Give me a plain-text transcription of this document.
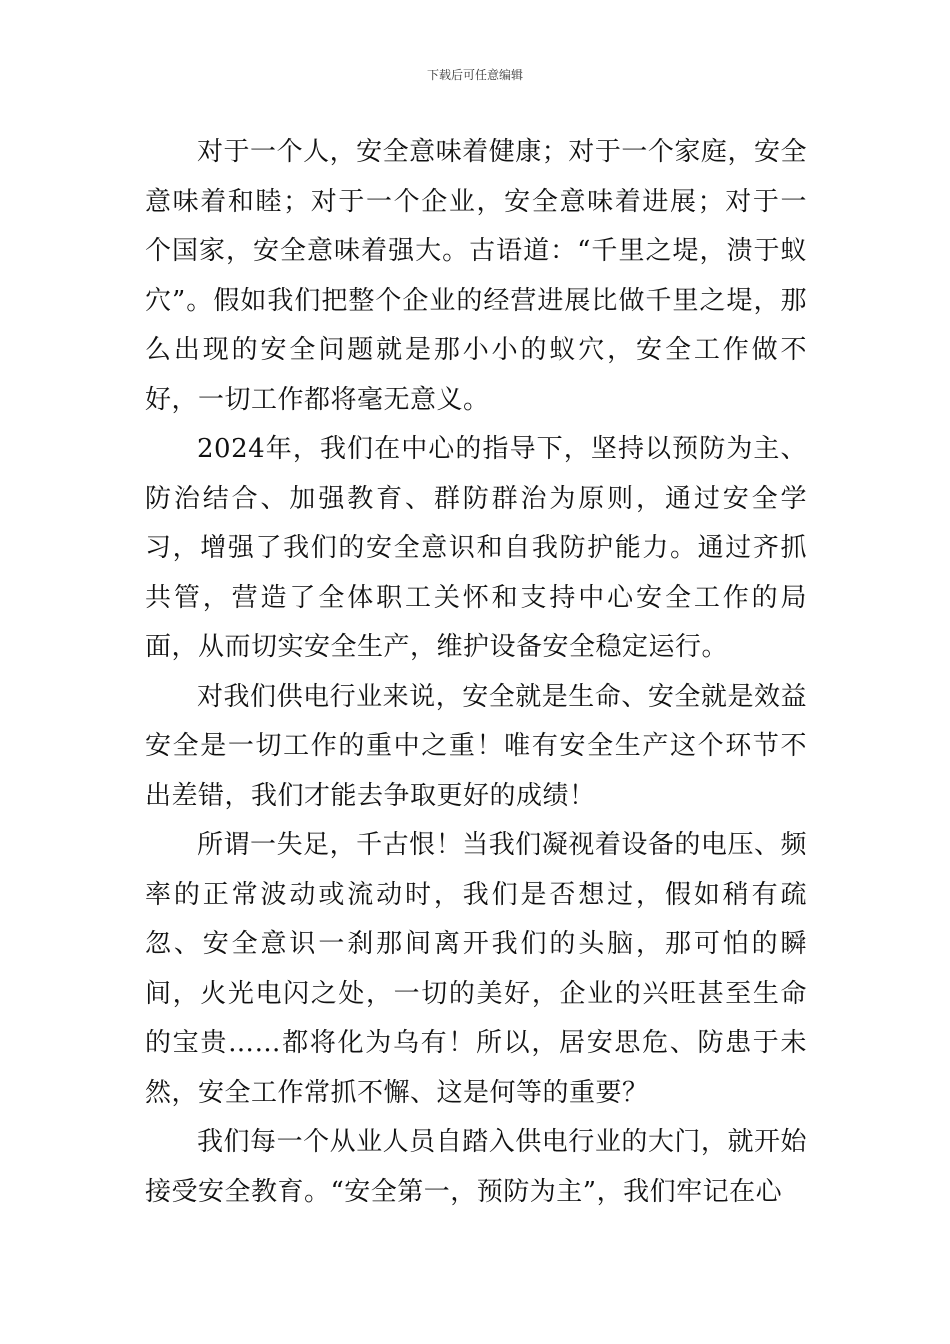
下载后可任意编辑

对于一个人，安全意味着健康；对于一个家庭，安全意味着和睦；对于一个企业，安全意味着进展；对于一个国家，安全意味着强大。古语道：“千里之堤，溃于蚁穴”。假如我们把整个企业的经营进展比做千里之堤，那么出现的安全问题就是那小小的蚁穴，安全工作做不好，一切工作都将毫无意义。

2024年，我们在中心的指导下，坚持以预防为主、防治结合、加强教育、群防群治为原则，通过安全学习，增强了我们的安全意识和自我防护能力。通过齐抓共管，营造了全体职工关怀和支持中心安全工作的局面，从而切实安全生产，维护设备安全稳定运行。

对我们供电行业来说，安全就是生命、安全就是效益安全是一切工作的重中之重！唯有安全生产这个环节不出差错，我们才能去争取更好的成绩！

所谓一失足，千古恨！当我们凝视着设备的电压、频率的正常波动或流动时，我们是否想过，假如稍有疏忽、安全意识一刹那间离开我们的头脑，那可怕的瞬间，火光电闪之处，一切的美好，企业的兴旺甚至生命的宝贵……都将化为乌有！所以，居安思危、防患于未然，安全工作常抓不懈、这是何等的重要？

我们每一个从业人员自踏入供电行业的大门，就开始接受安全教育。“安全第一，预防为主”，我们牢记在心
